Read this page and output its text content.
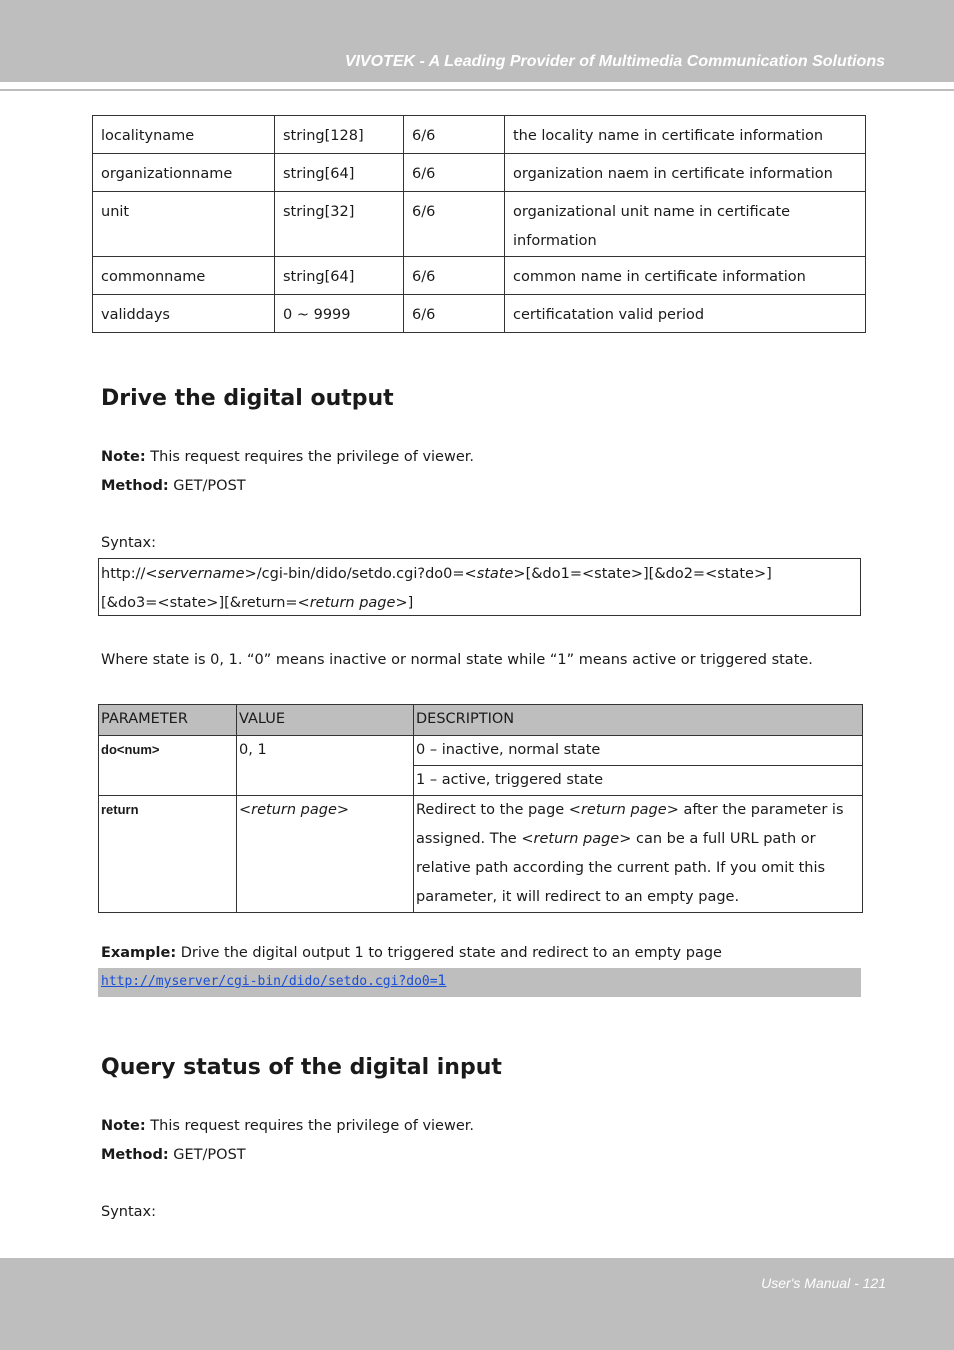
VIVOTEK - A Leading Provider of Multimedia Communication Solutions
localityname	string[128]	6/6	the locality name in certificate information
organizationname	string[64]	6/6	organization naem in certificate information
unit	string[32]	6/6	organizational unit name in certificate information
commonname	string[64]	6/6	common name in certificate information
validdays	0 ~ 9999	6/6	certificatation valid period
Drive the digital output

Note: This request requires the privilege of viewer.

Method: GET/POST

Syntax:

http://<servername>/cgi-bin/dido/setdo.cgi?do0=<state>[&do1=<state>][&do2=<state>]
[&do3=<state>][&return=<return page>]

Where state is 0, 1. “0” means inactive or normal state while “1” means active or triggered state.

PARAMETER	VALUE	DESCRIPTION
do<num>	0, 1	0 – inactive, normal state
		1 – active, triggered state
return	<return page>	Redirect to the page <return page> after the parameter is assigned. The <return page> can be a full URL path or relative path according the current path. If you omit this parameter, it will redirect to an empty page.

Example: Drive the digital output 1 to triggered state and redirect to an empty page

http://myserver/cgi-bin/dido/setdo.cgi?do0=1
Query status of the digital input

Note: This request requires the privilege of viewer.

Method: GET/POST

Syntax:

User's Manual - 121
